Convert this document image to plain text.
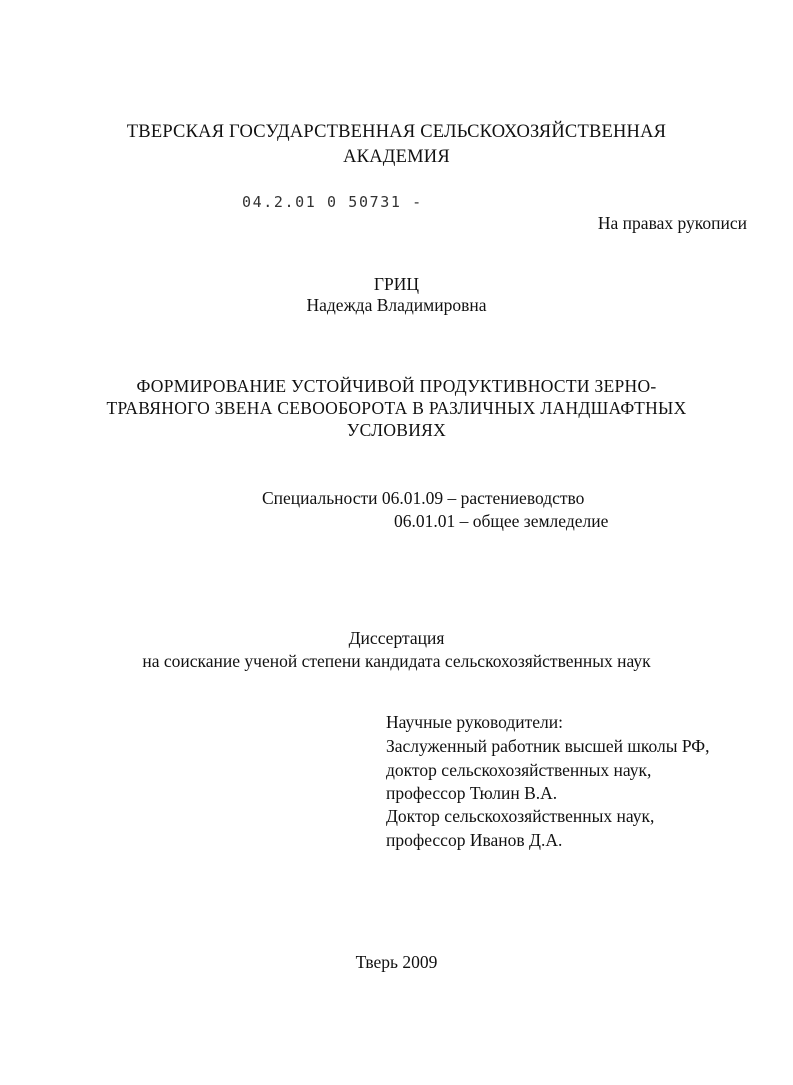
ТВЕРСКАЯ ГОСУДАРСТВЕННАЯ СЕЛЬСКОХОЗЯЙСТВЕННАЯ
АКАДЕМИЯ
04.2.01 0 50731 -
На правах рукописи
ГРИЦ
Надежда Владимировна
ФОРМИРОВАНИЕ УСТОЙЧИВОЙ ПРОДУКТИВНОСТИ ЗЕРНО-
ТРАВЯНОГО ЗВЕНА СЕВООБОРОТА В РАЗЛИЧНЫХ ЛАНДШАФТНЫХ
УСЛОВИЯХ
Специальности 06.01.09 – растениеводство
06.01.01 – общее земледелие
Диссертация
на соискание ученой степени кандидата сельскохозяйственных наук
Научные руководители:
Заслуженный работник высшей школы РФ,
доктор сельскохозяйственных наук,
профессор Тюлин В.А.
Доктор сельскохозяйственных наук,
профессор Иванов Д.А.
Тверь 2009
